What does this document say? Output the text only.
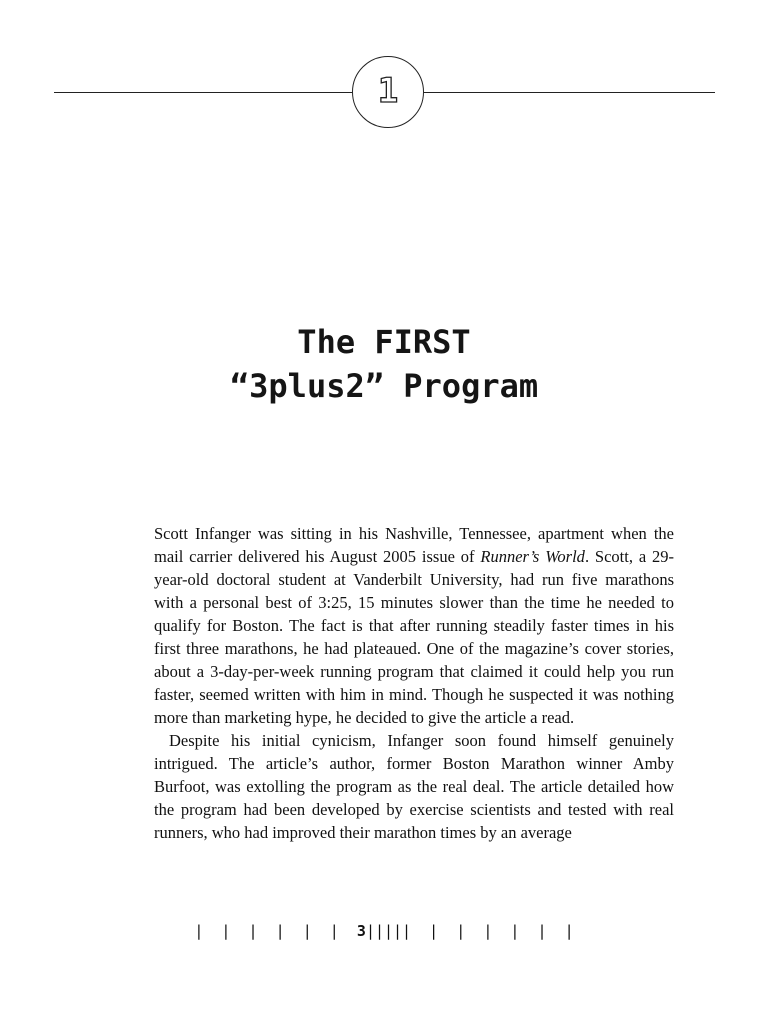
1
The FIRST
“3plus2” Program

Scott Infanger was sitting in his Nashville, Tennessee, apartment when the mail carrier delivered his August 2005 issue of Runner’s World. Scott, a 29-year-old doctoral student at Vanderbilt University, had run five marathons with a personal best of 3:25, 15 minutes slower than the time he needed to qualify for Boston. The fact is that after running steadily faster times in his first three marathons, he had plateaued. One of the magazine’s cover stories, about a 3-day-per-week running program that claimed it could help you run faster, seemed written with him in mind. Though he suspected it was nothing more than marketing hype, he decided to give the article a read.

Despite his initial cynicism, Infanger soon found himself genuinely intrigued. The article’s author, former Boston Marathon winner Amby Burfoot, was extolling the program as the real deal. The article detailed how the program had been developed by exercise scientists and tested with real runners, who had improved their marathon times by an average

|  |  |  |  |  | 3|||||  |  |  |  |  |  |
